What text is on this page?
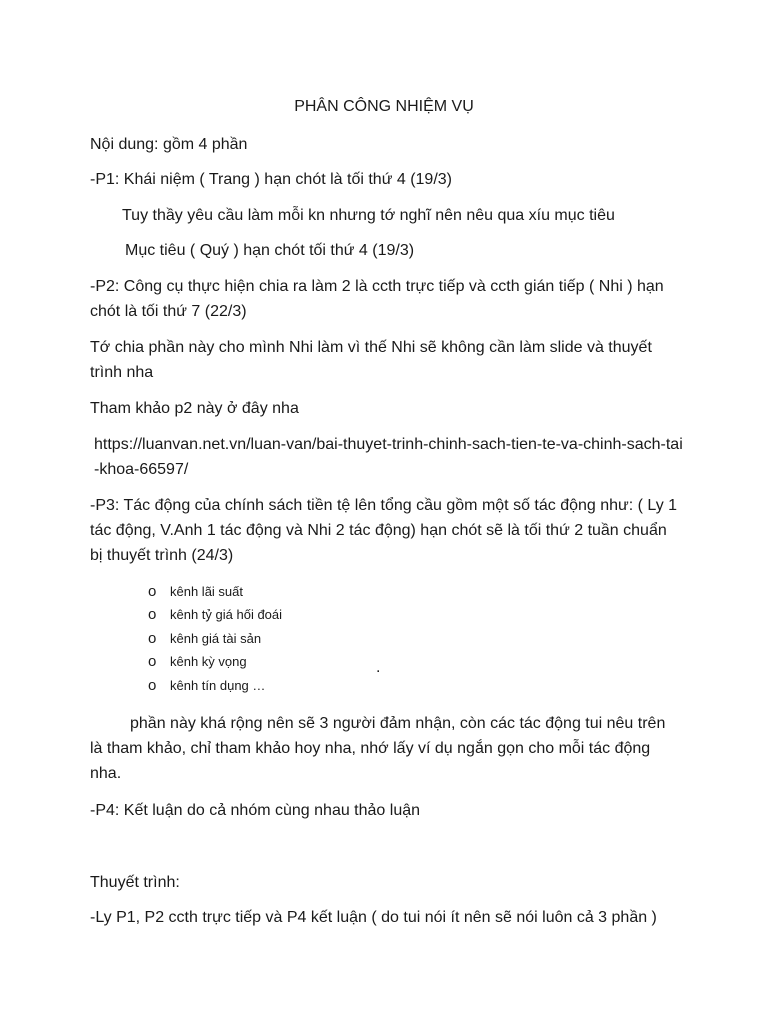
PHÂN CÔNG NHIỆM VỤ

Nội dung: gồm 4 phần

-P1: Khái niệm ( Trang ) hạn chót là tối thứ 4 (19/3)

Tuy thầy yêu cầu làm mỗi kn nhưng tớ nghĩ nên nêu qua xíu mục tiêu

Mục tiêu ( Quý ) hạn chót tối thứ 4 (19/3)

-P2: Công cụ thực hiện chia ra làm 2 là ccth trực tiếp và ccth gián tiếp ( Nhi ) hạn chót là tối thứ 7 (22/3)

Tớ chia phần này cho mình Nhi làm vì thế Nhi sẽ không cần làm slide và thuyết trình nha

Tham khảo p2 này ở đây nha

https://luanvan.net.vn/luan-van/bai-thuyet-trinh-chinh-sach-tien-te-va-chinh-sach-tai-khoa-66597/

-P3: Tác động của chính sách tiền tệ lên tổng cầu gồm một số tác động như: ( Ly 1 tác động, V.Anh 1 tác động và Nhi 2 tác động) hạn chót sẽ là tối thứ 2 tuần chuẩn bị thuyết trình (24/3)

o	kênh lãi suất
o	kênh tỷ giá hối đoái
o	kênh giá tài sản
o	kênh kỳ vọng
o	kênh tín dụng …
.

phần này khá rộng nên sẽ 3 người đảm nhận, còn các tác động tui nêu trên là tham khảo, chỉ tham khảo hoy nha, nhớ lấy ví dụ ngắn gọn cho mỗi tác động nha.

-P4: Kết luận do cả nhóm cùng nhau thảo luận

Thuyết trình:

-Ly P1, P2 ccth trực tiếp và P4 kết luận ( do tui nói ít nên sẽ nói luôn cả 3 phần )
